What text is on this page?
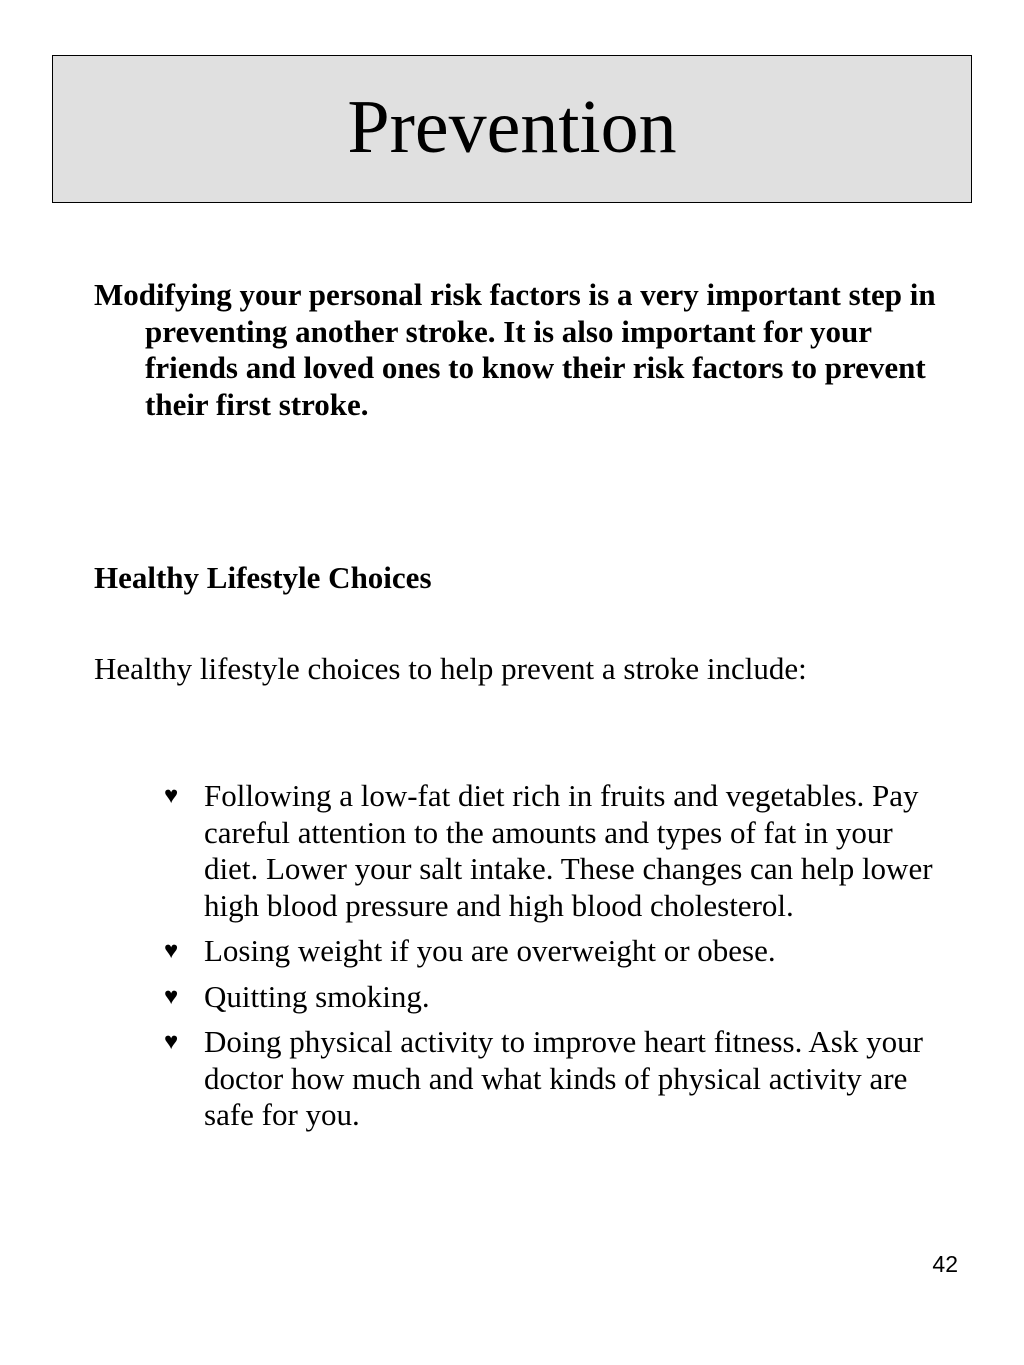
Prevention

Modifying your personal risk factors is a very important step in preventing another stroke. It is also important for your friends and loved ones to know their risk factors to prevent their first stroke.

Healthy Lifestyle Choices

Healthy lifestyle choices to help prevent a stroke include:

♥ Following a low-fat diet rich in fruits and vegetables. Pay careful attention to the amounts and types of fat in your diet. Lower your salt intake. These changes can help lower high blood pressure and high blood cholesterol.
♥ Losing weight if you are overweight or obese.
♥ Quitting smoking.
♥ Doing physical activity to improve heart fitness. Ask your doctor how much and what kinds of physical activity are safe for you.
42
